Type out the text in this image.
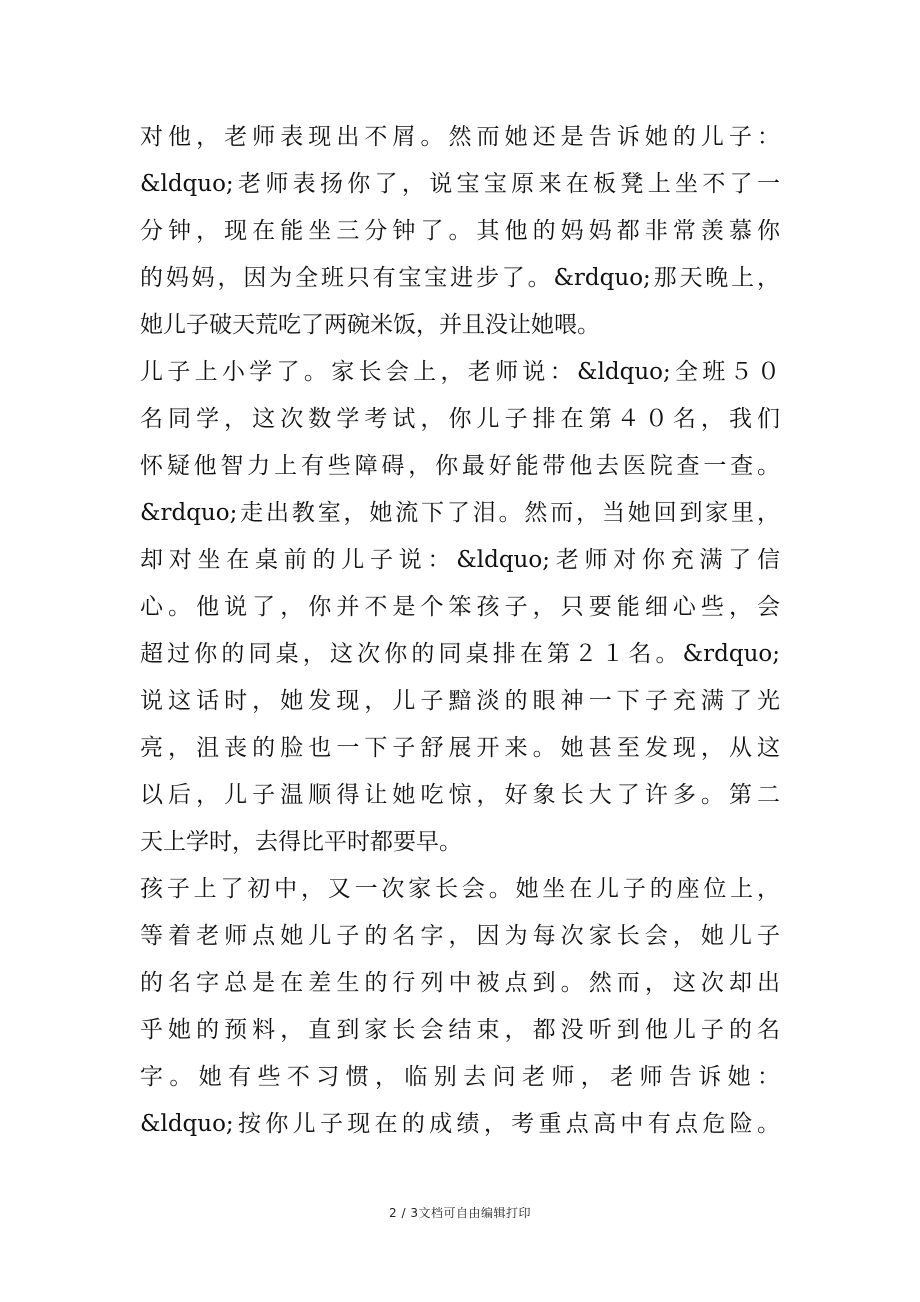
对他，老师表现出不屑。然而她还是告诉她的儿子：
&ldquo;老师表扬你了，说宝宝原来在板凳上坐不了一
分钟，现在能坐三分钟了。其他的妈妈都非常羡慕你
的妈妈，因为全班只有宝宝进步了。&rdquo;那天晚上，
她儿子破天荒吃了两碗米饭，并且没让她喂。
儿子上小学了。家长会上，老师说：&ldquo;全班５０
名同学，这次数学考试，你儿子排在第４０名，我们
怀疑他智力上有些障碍，你最好能带他去医院查一查。
&rdquo;走出教室，她流下了泪。然而，当她回到家里，
却对坐在桌前的儿子说：&ldquo;老师对你充满了信
心。他说了，你并不是个笨孩子，只要能细心些，会
超过你的同桌，这次你的同桌排在第２１名。&rdquo;
说这话时，她发现，儿子黯淡的眼神一下子充满了光
亮，沮丧的脸也一下子舒展开来。她甚至发现，从这
以后，儿子温顺得让她吃惊，好象长大了许多。第二
天上学时，去得比平时都要早。
孩子上了初中，又一次家长会。她坐在儿子的座位上，
等着老师点她儿子的名字，因为每次家长会，她儿子
的名字总是在差生的行列中被点到。然而，这次却出
乎她的预料，直到家长会结束，都没听到他儿子的名
字。她有些不习惯，临别去问老师，老师告诉她：
&ldquo;按你儿子现在的成绩，考重点高中有点危险。
2 / 3文档可自由编辑打印
